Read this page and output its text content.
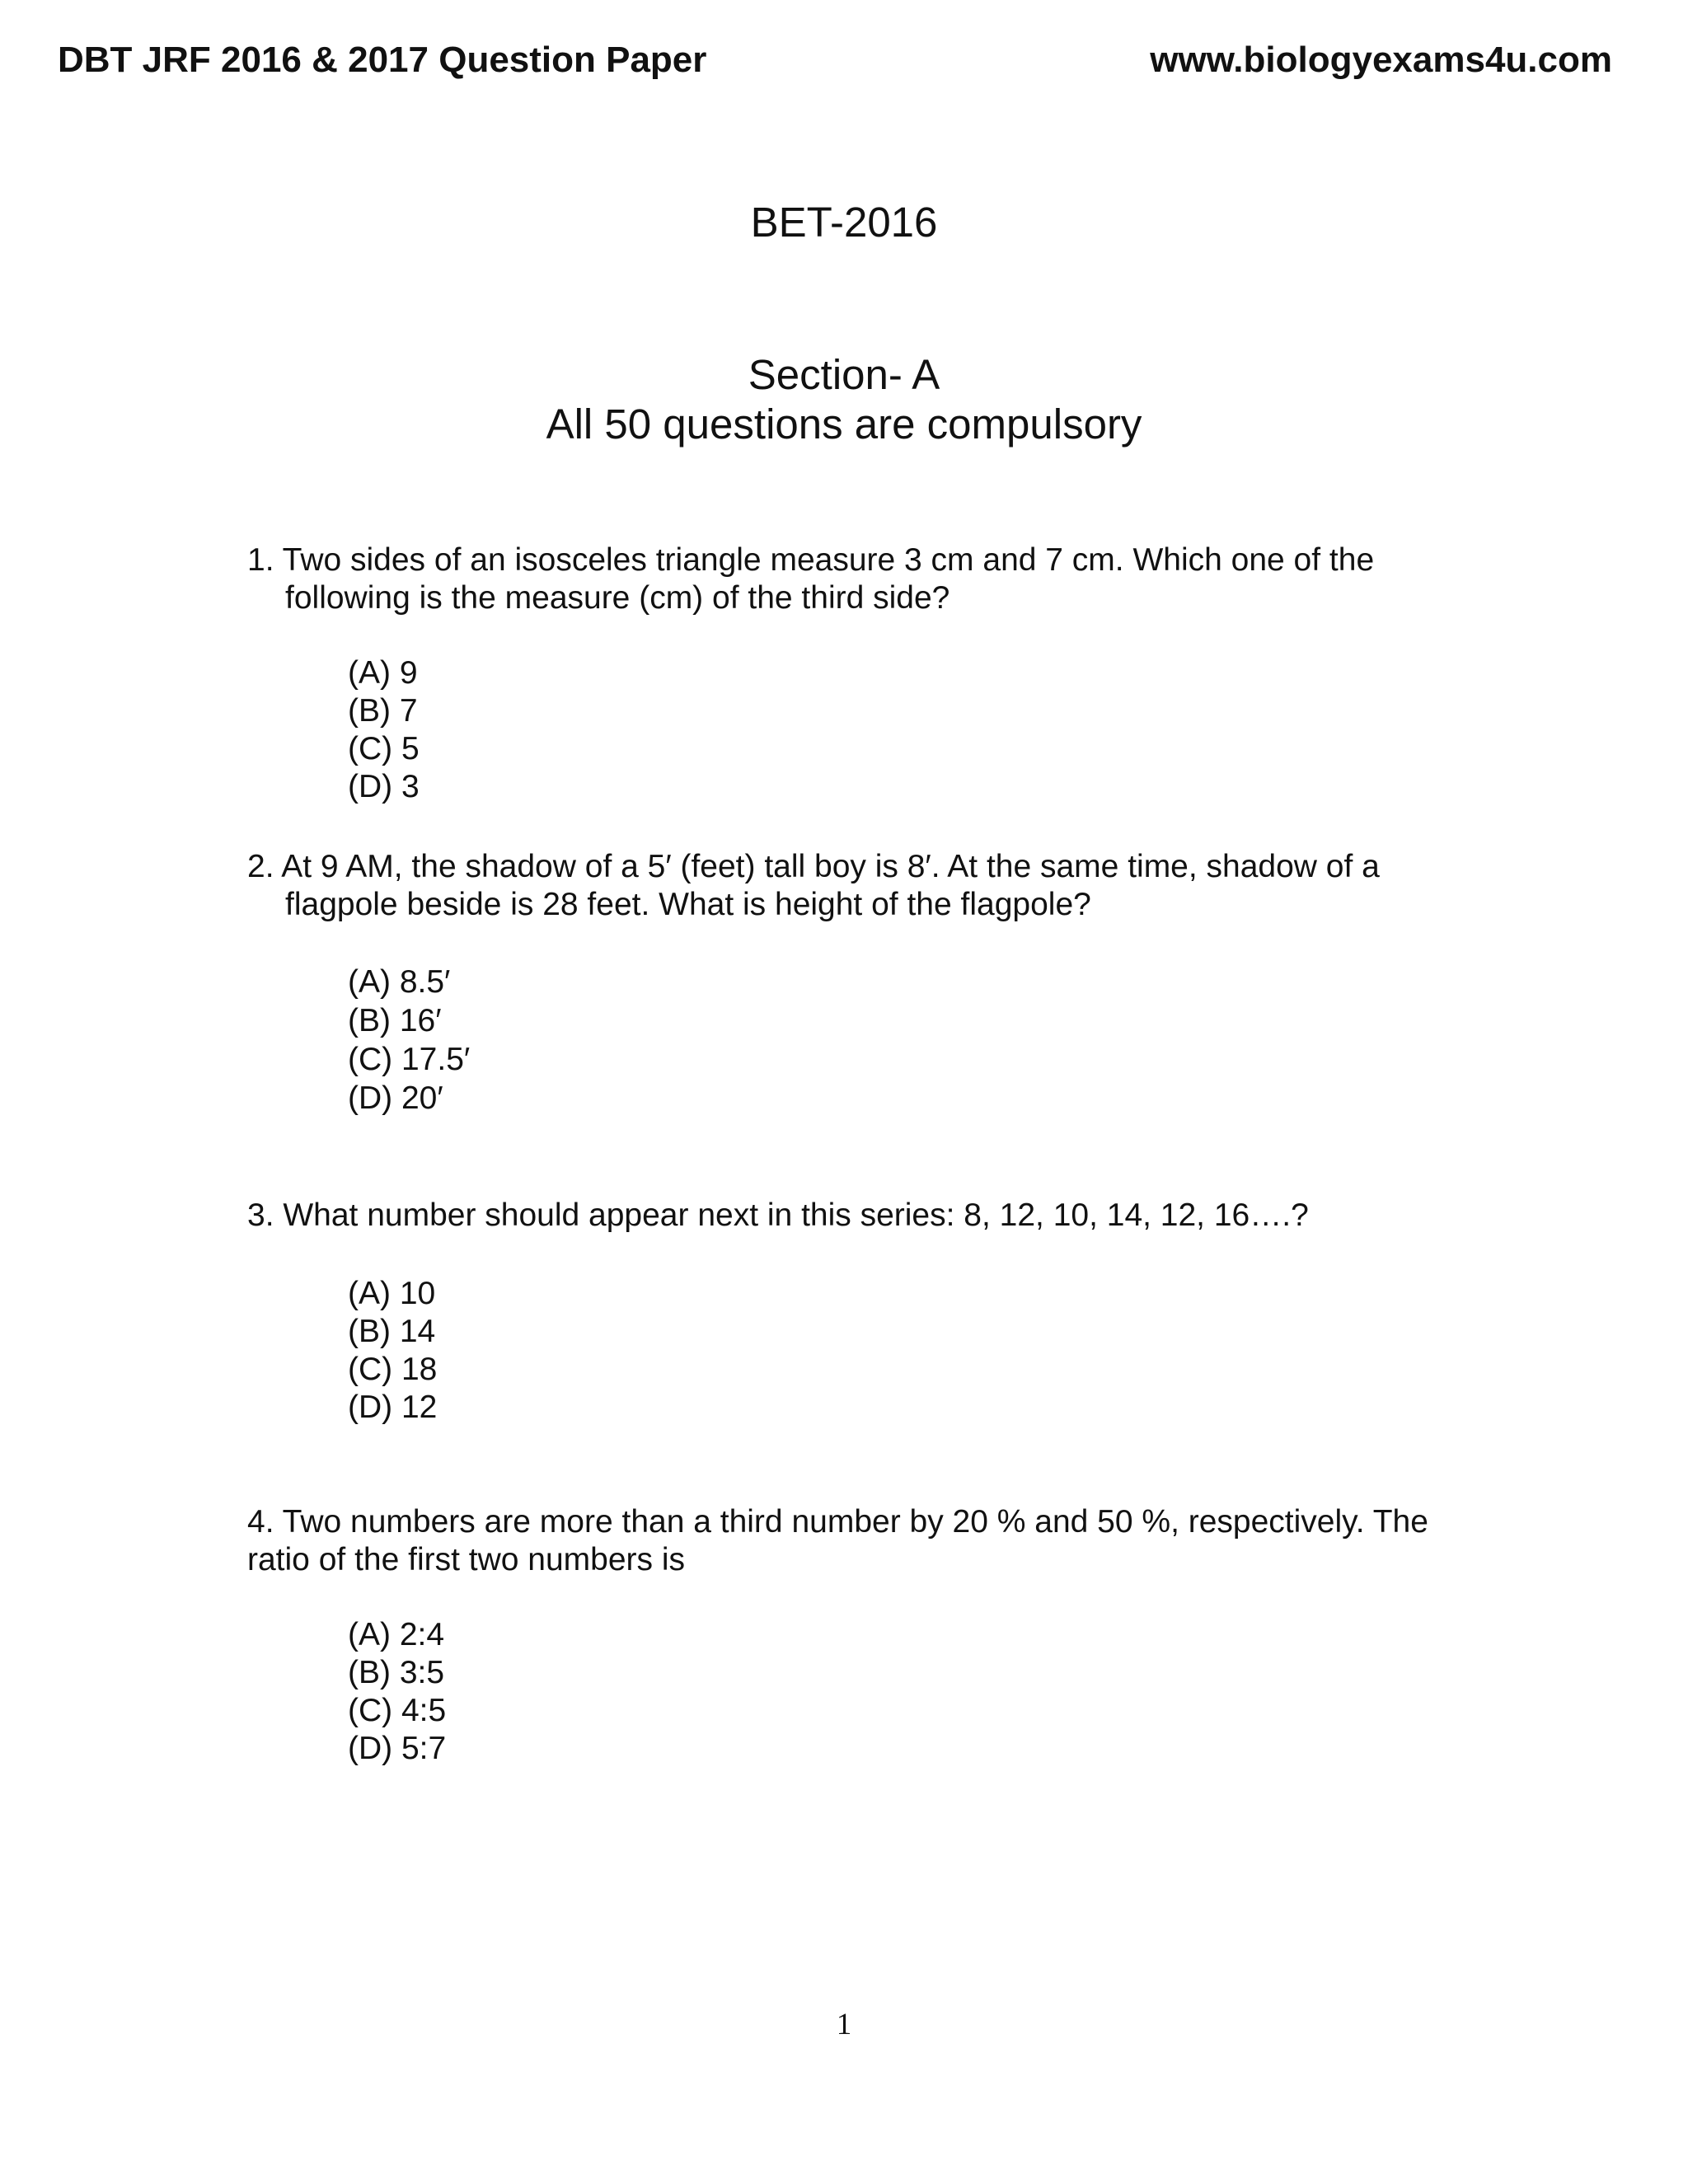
DBT JRF 2016 & 2017 Question Paper	www.biologyexams4u.com
BET-2016
Section- A
All 50 questions are compulsory
1. Two sides of an isosceles triangle measure 3 cm and 7 cm. Which one of the
following is the measure (cm) of the third side?
(A) 9
(B) 7
(C) 5
(D) 3
2. At 9 AM, the shadow of a 5′ (feet) tall boy is 8′. At the same time, shadow of a
flagpole beside is 28 feet. What is height of the flagpole?
(A) 8.5′
(B) 16′
(C) 17.5′
(D) 20′
3. What number should appear next in this series: 8, 12, 10, 14, 12, 16….?
(A) 10
(B) 14
(C) 18
(D) 12
4. Two numbers are more than a third number by 20 % and 50 %, respectively. The
ratio of the first two numbers is
(A) 2:4
(B) 3:5
(C) 4:5
(D) 5:7
1
